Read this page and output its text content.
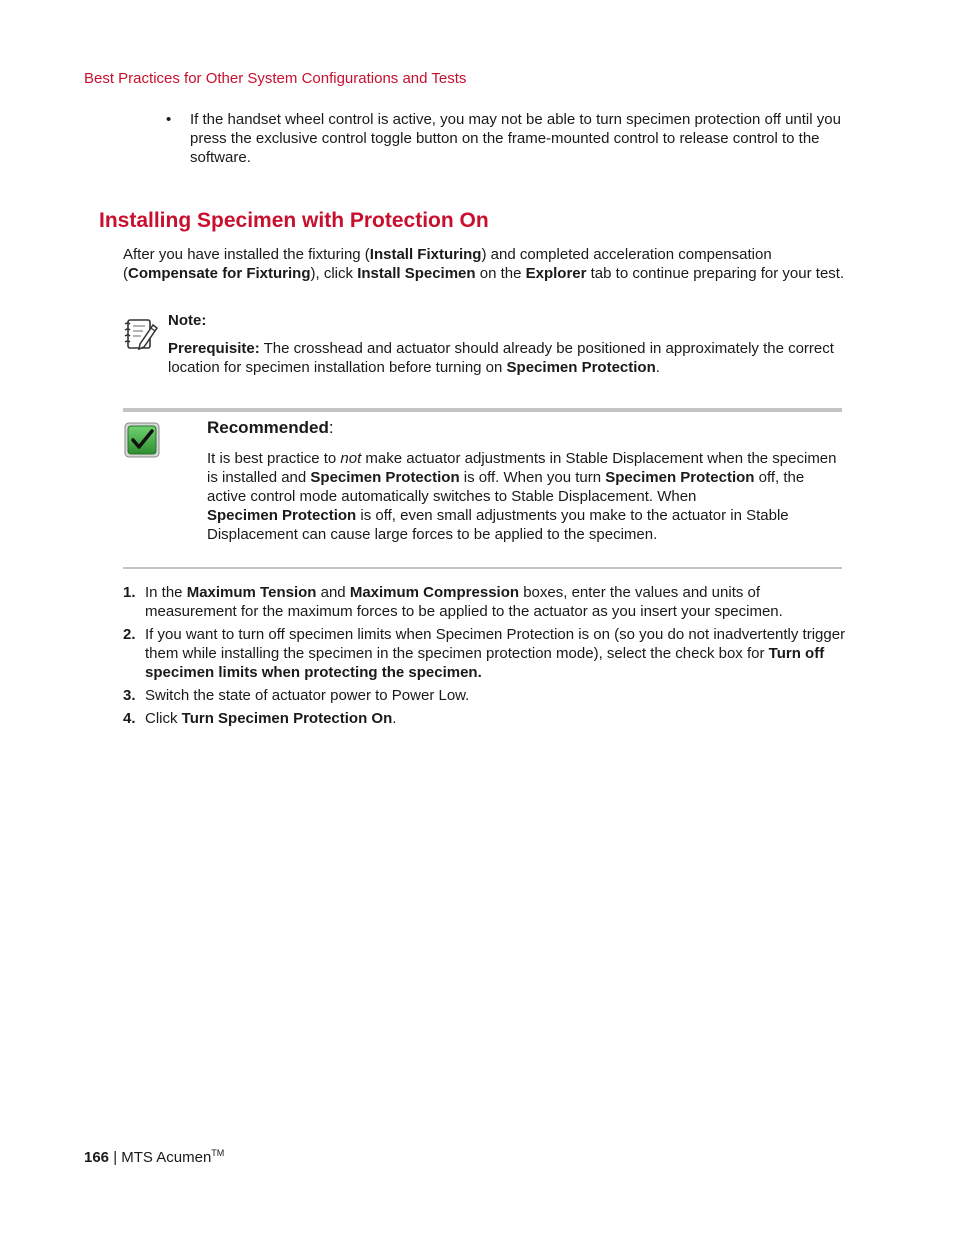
Best Practices for Other System Configurations and Tests
• If the handset wheel control is active, you may not be able to turn specimen protection off until you press the exclusive control toggle button on the frame-mounted control to release control to the software.
Installing Specimen with Protection On
After you have installed the fixturing (Install Fixturing) and completed acceleration compensation (Compensate for Fixturing), click Install Specimen on the Explorer tab to continue preparing for your test.
Note:
Prerequisite: The crosshead and actuator should already be positioned in approximately the correct location for specimen installation before turning on Specimen Protection.
Recommended:
It is best practice to not make actuator adjustments in Stable Displacement when the specimen is installed and Specimen Protection is off. When you turn Specimen Protection off, the active control mode automatically switches to Stable Displacement. When
Specimen Protection is off, even small adjustments you make to the actuator in Stable Displacement can cause large forces to be applied to the specimen.
1. In the Maximum Tension and Maximum Compression boxes, enter the values and units of measurement for the maximum forces to be applied to the actuator as you insert your specimen.
2. If you want to turn off specimen limits when Specimen Protection is on (so you do not inadvertently trigger them while installing the specimen in the specimen protection mode), select the check box for Turn off specimen limits when protecting the specimen.
3. Switch the state of actuator power to Power Low.
4. Click Turn Specimen Protection On.
166 | MTS Acumen™
